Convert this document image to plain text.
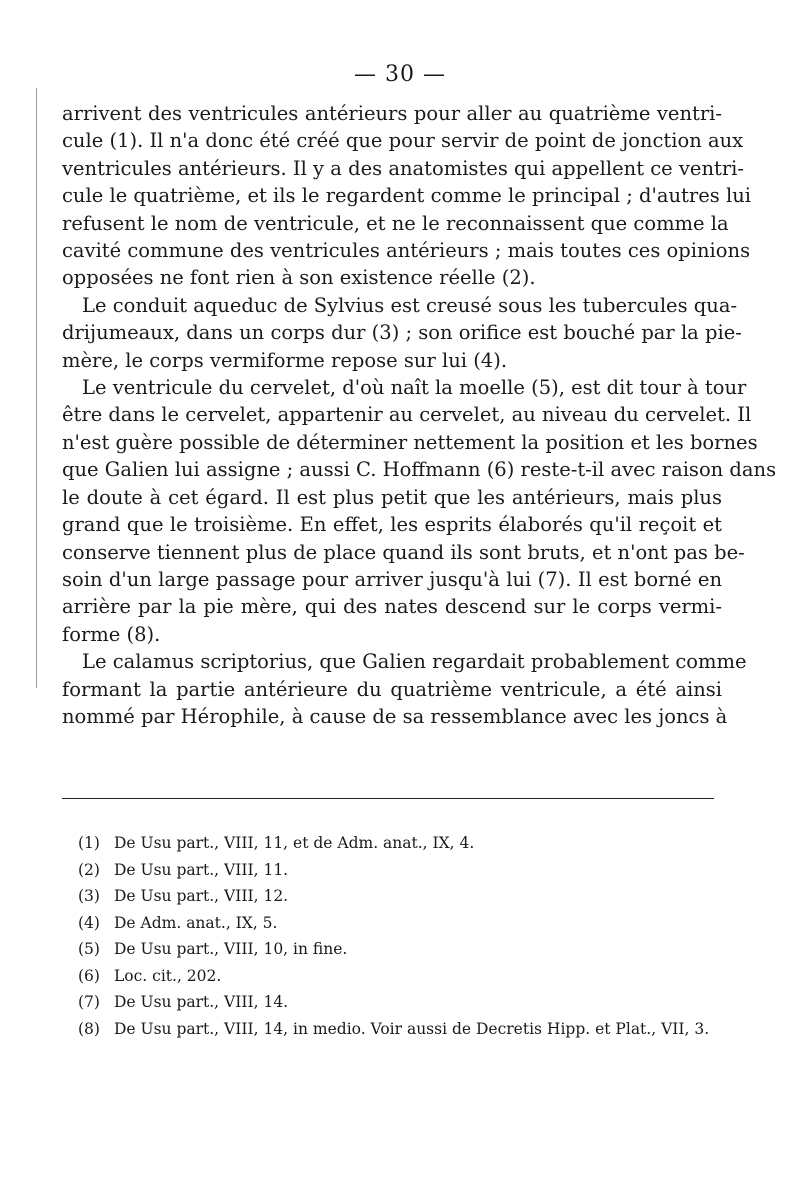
— 30 —
arrivent des ventricules antérieurs pour aller au quatrième ventri-
cule (1). Il n'a donc été créé que pour servir de point de jonction aux
ventricules antérieurs. Il y a des anatomistes qui appellent ce ventri-
cule le quatrième, et ils le regardent comme le principal ; d'autres lui
refusent le nom de ventricule, et ne le reconnaissent que comme la
cavité commune des ventricules antérieurs ; mais toutes ces opinions
opposées ne font rien à son existence réelle (2).
Le conduit aqueduc de Sylvius est creusé sous les tubercules qua-
drijumeaux, dans un corps dur (3) ; son orifice est bouché par la pie-
mère, le corps vermiforme repose sur lui (4).
Le ventricule du cervelet, d'où naît la moelle (5), est dit tour à tour
être dans le cervelet, appartenir au cervelet, au niveau du cervelet. Il
n'est guère possible de déterminer nettement la position et les bornes
que Galien lui assigne ; aussi C. Hoffmann (6) reste-t-il avec raison dans
le doute à cet égard. Il est plus petit que les antérieurs, mais plus
grand que le troisième. En effet, les esprits élaborés qu'il reçoit et
conserve tiennent plus de place quand ils sont bruts, et n'ont pas be-
soin d'un large passage pour arriver jusqu'à lui (7). Il est borné en
arrière par la pie mère, qui des nates descend sur le corps vermi-
forme (8).
Le calamus scriptorius, que Galien regardait probablement comme
formant la partie antérieure du quatrième ventricule, a été ainsi
nommé par Hérophile, à cause de sa ressemblance avec les joncs à
(1) De Usu part., VIII, 11, et de Adm. anat., IX, 4.
(2) De Usu part., VIII, 11.
(3) De Usu part., VIII, 12.
(4) De Adm. anat., IX, 5.
(5) De Usu part., VIII, 10, in fine.
(6) Loc. cit., 202.
(7) De Usu part., VIII, 14.
(8) De Usu part., VIII, 14, in medio. Voir aussi de Decretis Hipp. et Plat., VII, 3.
